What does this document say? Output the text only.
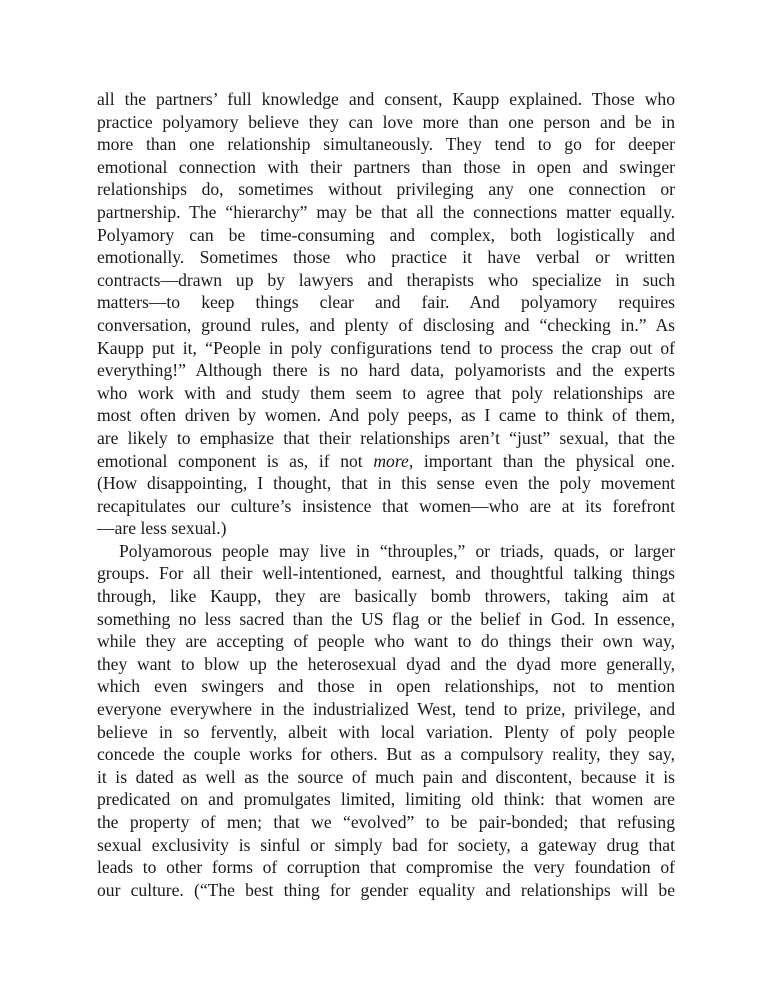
all the partners’ full knowledge and consent, Kaupp explained. Those who
practice polyamory believe they can love more than one person and be in
more than one relationship simultaneously. They tend to go for deeper
emotional connection with their partners than those in open and swinger
relationships do, sometimes without privileging any one connection or
partnership. The “hierarchy” may be that all the connections matter equally.
Polyamory can be time-consuming and complex, both logistically and
emotionally. Sometimes those who practice it have verbal or written
contracts—drawn up by lawyers and therapists who specialize in such
matters—to keep things clear and fair. And polyamory requires
conversation, ground rules, and plenty of disclosing and “checking in.” As
Kaupp put it, “People in poly configurations tend to process the crap out of
everything!” Although there is no hard data, polyamorists and the experts
who work with and study them seem to agree that poly relationships are
most often driven by women. And poly peeps, as I came to think of them,
are likely to emphasize that their relationships aren’t “just” sexual, that the
emotional component is as, if not more, important than the physical one.
(How disappointing, I thought, that in this sense even the poly movement
recapitulates our culture’s insistence that women—who are at its forefront
—are less sexual.)
Polyamorous people may live in “throuples,” or triads, quads, or larger
groups. For all their well-intentioned, earnest, and thoughtful talking things
through, like Kaupp, they are basically bomb throwers, taking aim at
something no less sacred than the US flag or the belief in God. In essence,
while they are accepting of people who want to do things their own way,
they want to blow up the heterosexual dyad and the dyad more generally,
which even swingers and those in open relationships, not to mention
everyone everywhere in the industrialized West, tend to prize, privilege, and
believe in so fervently, albeit with local variation. Plenty of poly people
concede the couple works for others. But as a compulsory reality, they say,
it is dated as well as the source of much pain and discontent, because it is
predicated on and promulgates limited, limiting old think: that women are
the property of men; that we “evolved” to be pair-bonded; that refusing
sexual exclusivity is sinful or simply bad for society, a gateway drug that
leads to other forms of corruption that compromise the very foundation of
our culture. (“The best thing for gender equality and relationships will be
